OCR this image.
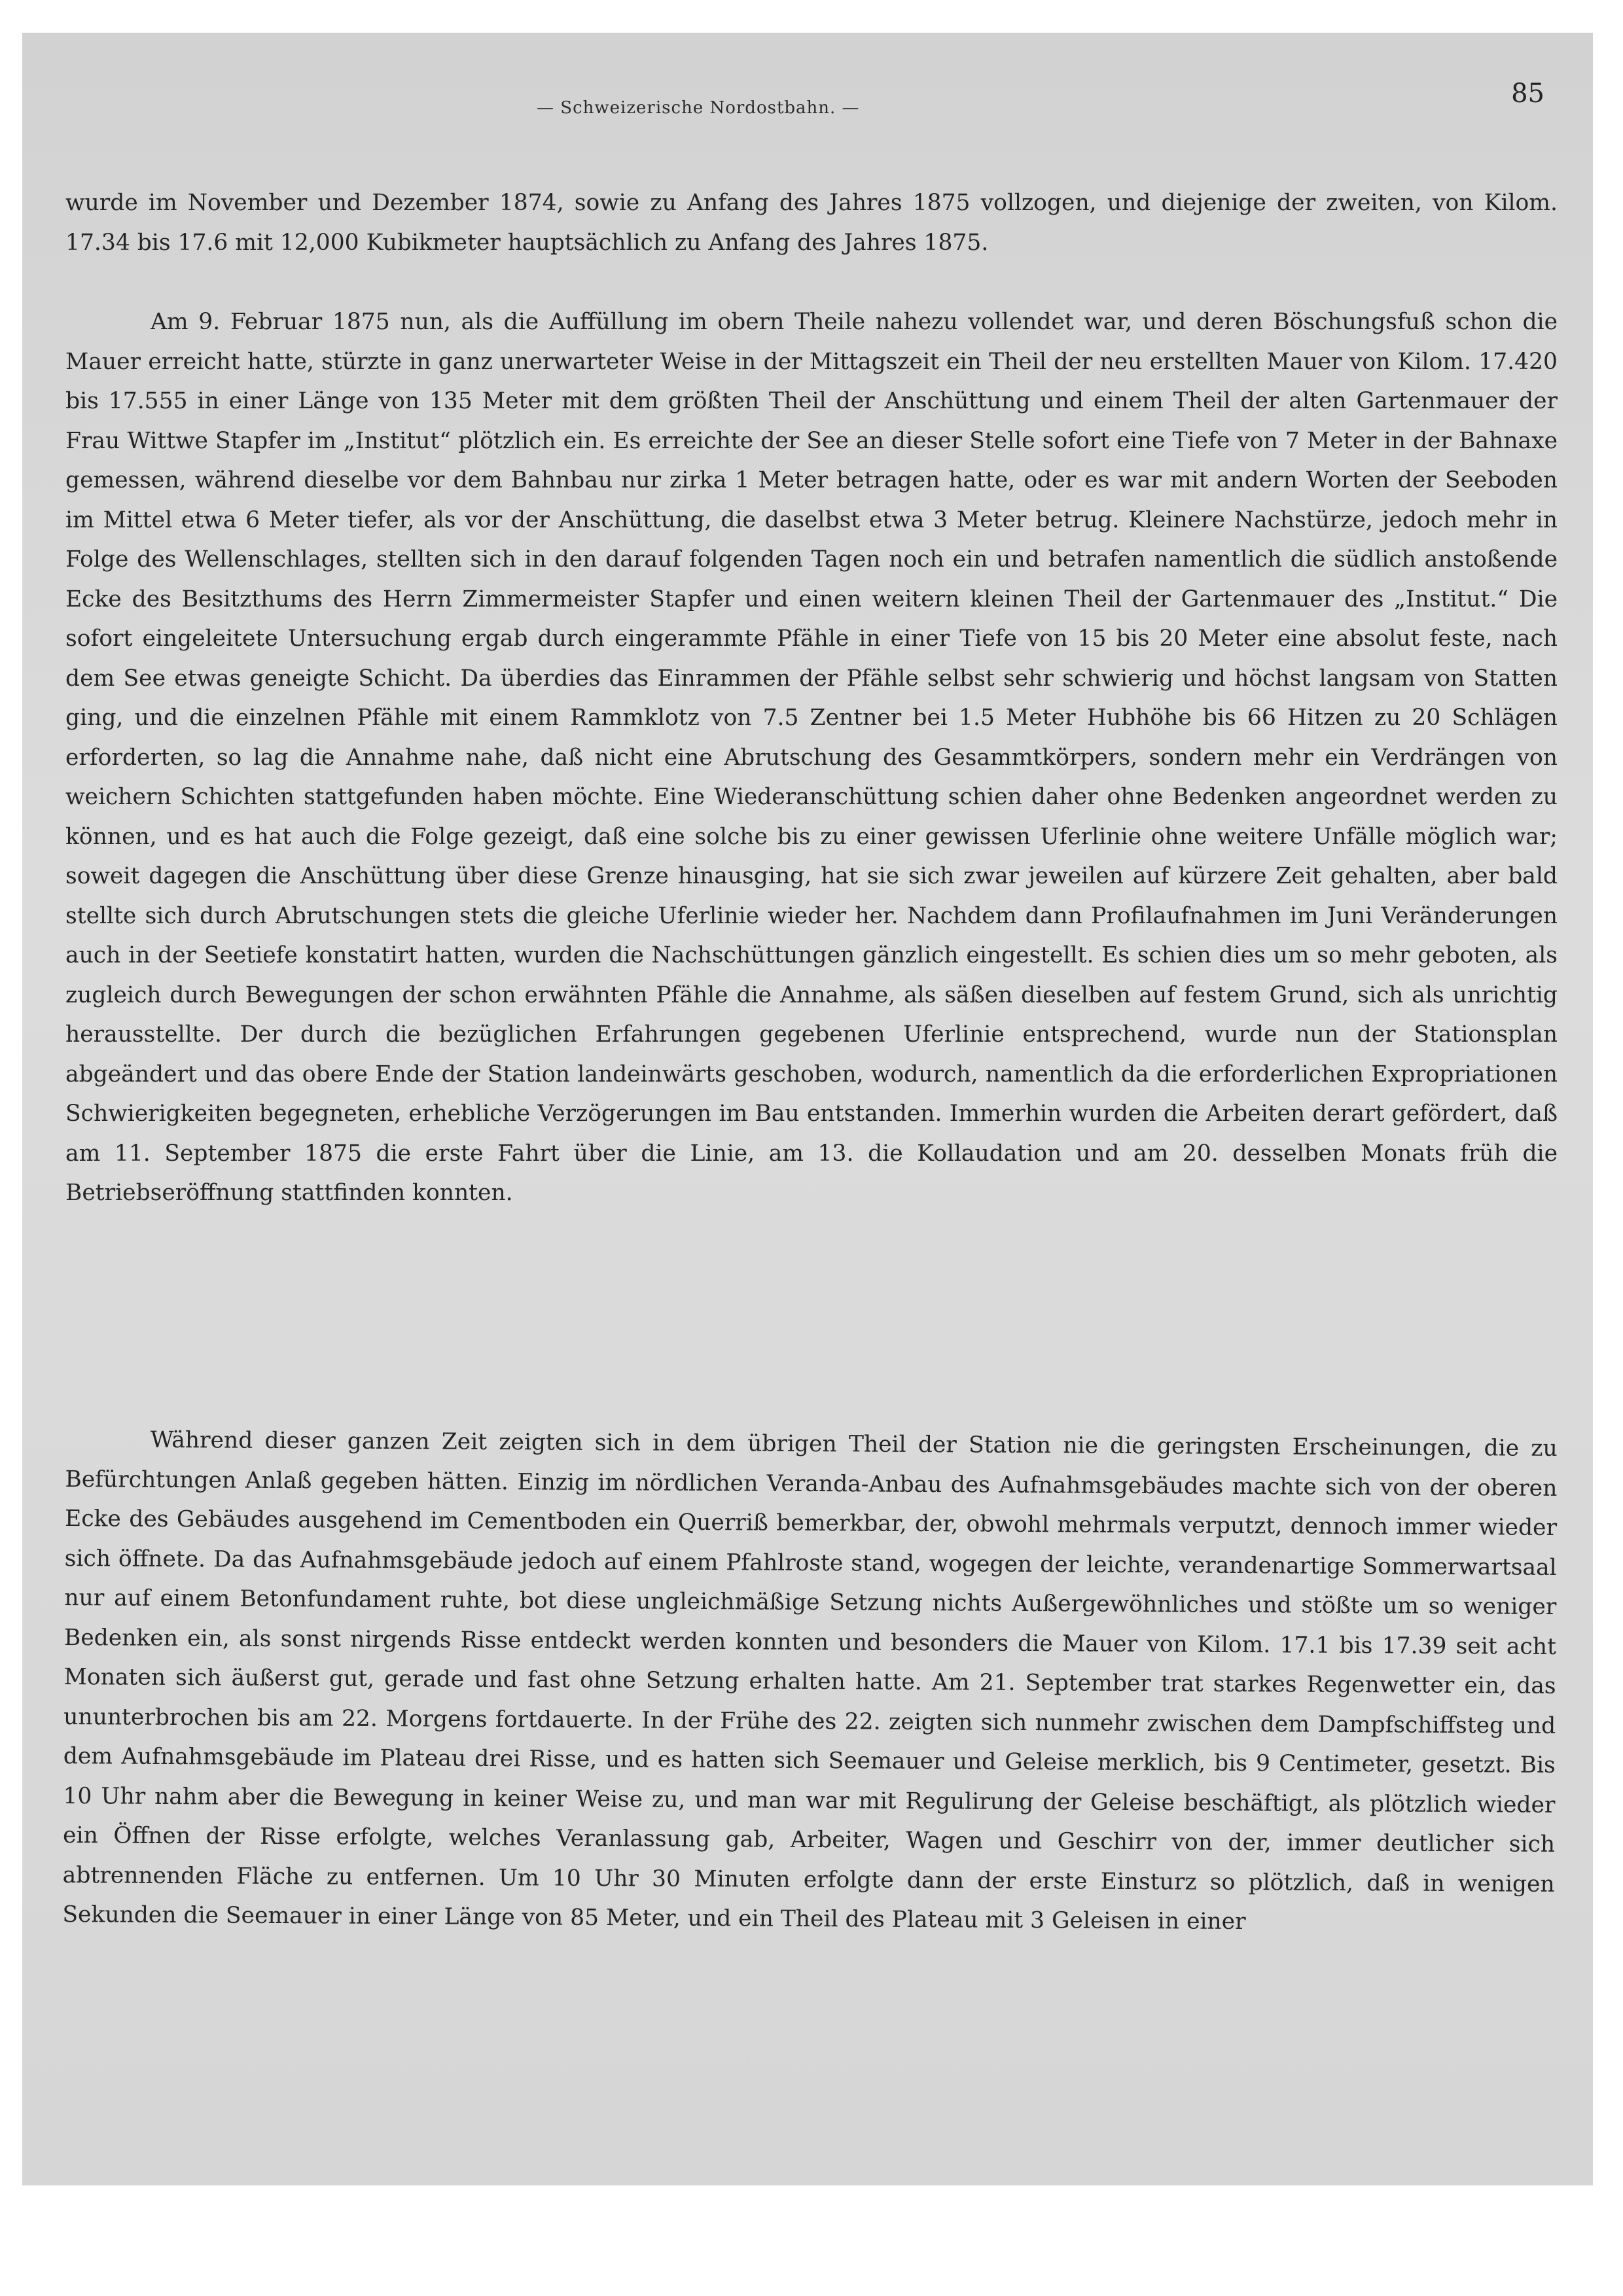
— Schweizerische Nordostbahn. —	85

wurde im November und Dezember 1874, sowie zu Anfang des Jahres 1875 vollzogen, und diejenige der zweiten, von Kilom. 17.34 bis 17.6 mit 12,000 Kubikmeter hauptsächlich zu Anfang des Jahres 1875.

Am 9. Februar 1875 nun, als die Auffüllung im obern Theile nahezu vollendet war, und deren Böschungsfuß schon die Mauer erreicht hatte, stürzte in ganz unerwarteter Weise in der Mittagszeit ein Theil der neu erstellten Mauer von Kilom. 17.420 bis 17.555 in einer Länge von 135 Meter mit dem größten Theil der Anschüttung und einem Theil der alten Gartenmauer der Frau Wittwe Stapfer im „Institut“ plötzlich ein. Es erreichte der See an dieser Stelle sofort eine Tiefe von 7 Meter in der Bahnaxe gemessen, während dieselbe vor dem Bahnbau nur zirka 1 Meter betragen hatte, oder es war mit andern Worten der Seeboden im Mittel etwa 6 Meter tiefer, als vor der Anschüttung, die daselbst etwa 3 Meter betrug. Kleinere Nachstürze, jedoch mehr in Folge des Wellenschlages, stellten sich in den darauf folgenden Tagen noch ein und betrafen namentlich die südlich anstoßende Ecke des Besitzthums des Herrn Zimmermeister Stapfer und einen weitern kleinen Theil der Gartenmauer des „Institut.“ Die sofort eingeleitete Untersuchung ergab durch eingerammte Pfähle in einer Tiefe von 15 bis 20 Meter eine absolut feste, nach dem See etwas geneigte Schicht. Da überdies das Einrammen der Pfähle selbst sehr schwierig und höchst langsam von Statten ging, und die einzelnen Pfähle mit einem Rammklotz von 7.5 Zentner bei 1.5 Meter Hubhöhe bis 66 Hitzen zu 20 Schlägen erforderten, so lag die Annahme nahe, daß nicht eine Abrutschung des Gesammtkörpers, sondern mehr ein Verdrängen von weichern Schichten stattgefunden haben möchte. Eine Wiederanschüttung schien daher ohne Bedenken angeordnet werden zu können, und es hat auch die Folge gezeigt, daß eine solche bis zu einer gewissen Uferlinie ohne weitere Unfälle möglich war; soweit dagegen die Anschüttung über diese Grenze hinausging, hat sie sich zwar jeweilen auf kürzere Zeit gehalten, aber bald stellte sich durch Abrutschungen stets die gleiche Uferlinie wieder her. Nachdem dann Profilaufnahmen im Juni Veränderungen auch in der Seetiefe konstatirt hatten, wurden die Nachschüttungen gänzlich eingestellt. Es schien dies um so mehr geboten, als zugleich durch Bewegungen der schon erwähnten Pfähle die Annahme, als säßen dieselben auf festem Grund, sich als unrichtig herausstellte. Der durch die bezüglichen Erfahrungen gegebenen Uferlinie entsprechend, wurde nun der Stationsplan abgeändert und das obere Ende der Station landeinwärts geschoben, wodurch, namentlich da die erforderlichen Expropriationen Schwierigkeiten begegneten, erhebliche Verzögerungen im Bau entstanden. Immerhin wurden die Arbeiten derart gefördert, daß am 11. September 1875 die erste Fahrt über die Linie, am 13. die Kollaudation und am 20. desselben Monats früh die Betriebseröffnung stattfinden konnten.

Während dieser ganzen Zeit zeigten sich in dem übrigen Theil der Station nie die geringsten Erscheinungen, die zu Befürchtungen Anlaß gegeben hätten. Einzig im nördlichen Veranda-Anbau des Aufnahmsgebäudes machte sich von der oberen Ecke des Gebäudes ausgehend im Cementboden ein Querriß bemerkbar, der, obwohl mehrmals verputzt, dennoch immer wieder sich öffnete. Da das Aufnahmsgebäude jedoch auf einem Pfahlroste stand, wogegen der leichte, verandenartige Sommerwartsaal nur auf einem Betonfundament ruhte, bot diese ungleichmäßige Setzung nichts Außergewöhnliches und stößte um so weniger Bedenken ein, als sonst nirgends Risse entdeckt werden konnten und besonders die Mauer von Kilom. 17.1 bis 17.39 seit acht Monaten sich äußerst gut, gerade und fast ohne Setzung erhalten hatte. Am 21. September trat starkes Regenwetter ein, das ununterbrochen bis am 22. Morgens fortdauerte. In der Frühe des 22. zeigten sich nunmehr zwischen dem Dampfschiffsteg und dem Aufnahmsgebäude im Plateau drei Risse, und es hatten sich Seemauer und Geleise merklich, bis 9 Centimeter, gesetzt. Bis 10 Uhr nahm aber die Bewegung in keiner Weise zu, und man war mit Regulirung der Geleise beschäftigt, als plötzlich wieder ein Öffnen der Risse erfolgte, welches Veranlassung gab, Arbeiter, Wagen und Geschirr von der, immer deutlicher sich abtrennenden Fläche zu entfernen. Um 10 Uhr 30 Minuten erfolgte dann der erste Einsturz so plötzlich, daß in wenigen Sekunden die Seemauer in einer Länge von 85 Meter, und ein Theil des Plateau mit 3 Geleisen in einer
